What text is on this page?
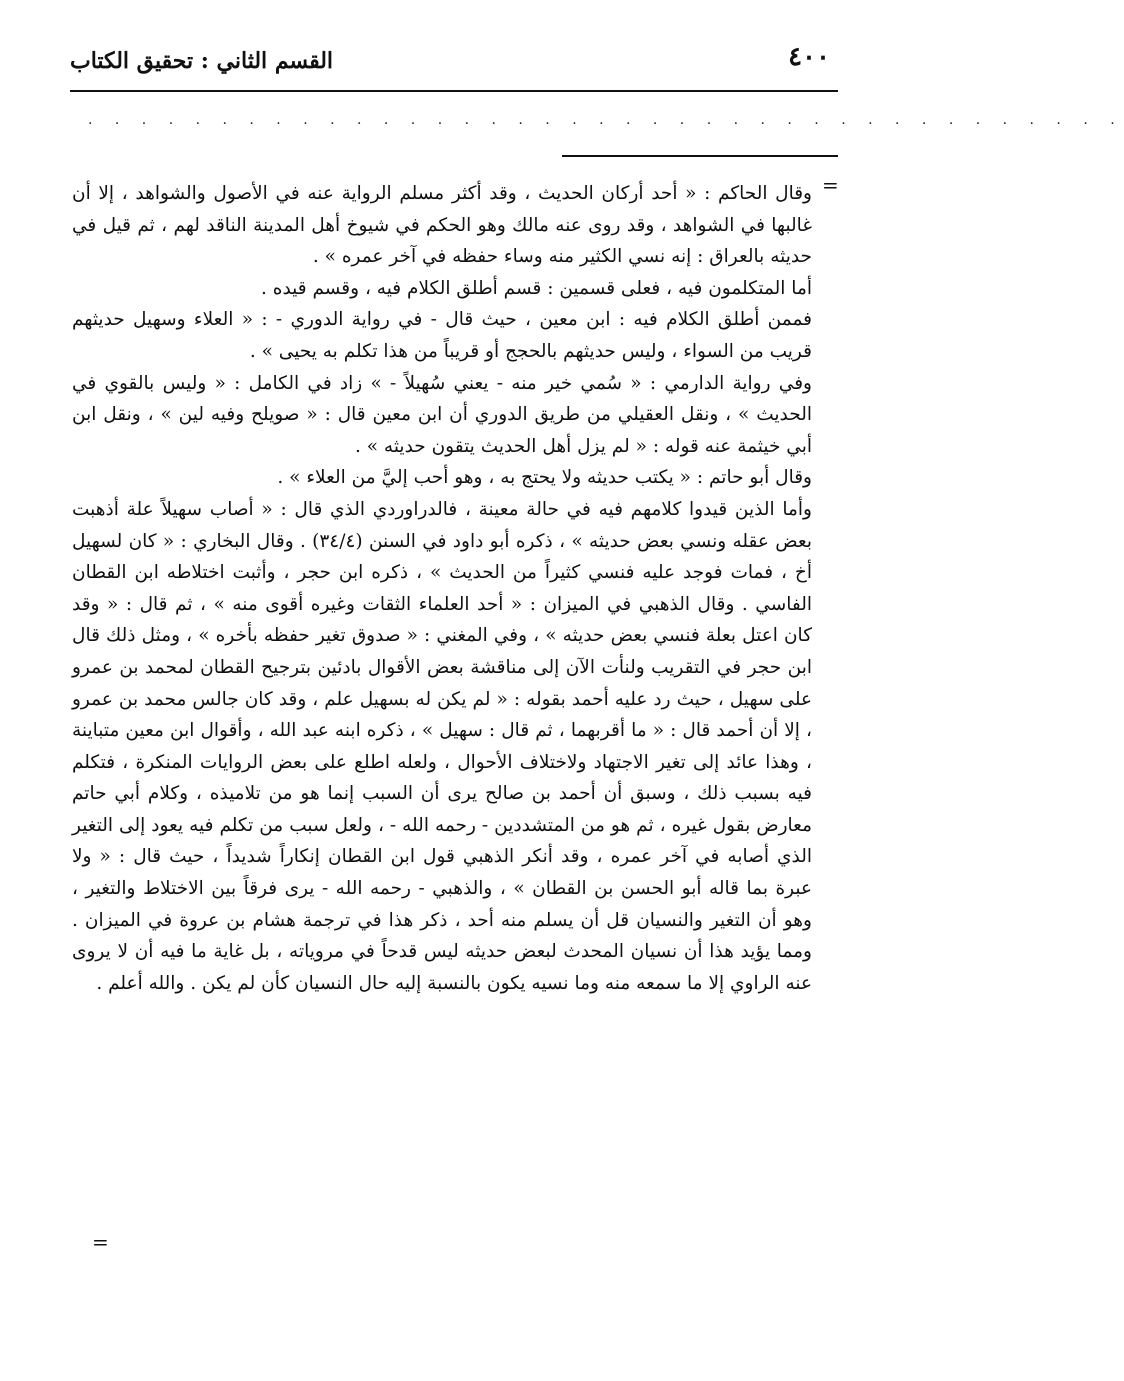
٤٠٠
القسم الثاني : تحقيق الكتاب
. . . . . . . . . . . . . . . . . . . . . . . . . . . . . . . . . . . . . . .
=

وقال الحاكم : « أحد أركان الحديث ، وقد أكثر مسلم الرواية عنه في الأصول والشواهد ، إلا أن غالبها في الشواهد ، وقد روى عنه مالك وهو الحكم في شيوخ أهل المدينة الناقد لهم ، ثم قيل في حديثه بالعراق : إنه نسي الكثير منه وساء حفظه في آخر عمره » .

أما المتكلمون فيه ، فعلى قسمين : قسم أطلق الكلام فيه ، وقسم قيده .

فممن أطلق الكلام فيه : ابن معين ، حيث قال - في رواية الدوري - : « العلاء وسهيل حديثهم قريب من السواء ، وليس حديثهم بالحجج أو قريباً من هذا تكلم به يحيى » .

وفي رواية الدارمي : « سُمي خير منه - يعني سُهيلاً - » زاد في الكامل : « وليس بالقوي في الحديث » ، ونقل العقيلي من طريق الدوري أن ابن معين قال : « صويلح وفيه لين » ، ونقل ابن أبي خيثمة عنه قوله : « لم يزل أهل الحديث يتقون حديثه » .

وقال أبو حاتم : « يكتب حديثه ولا يحتج به ، وهو أحب إليَّ من العلاء » .

وأما الذين قيدوا كلامهم فيه في حالة معينة ، فالدراوردي الذي قال : « أصاب سهيلاً علة أذهبت بعض عقله ونسي بعض حديثه » ، ذكره أبو داود في السنن (٣٤/٤) . وقال البخاري : « كان لسهيل أخ ، فمات فوجد عليه فنسي كثيراً من الحديث » ، ذكره ابن حجر ، وأثبت اختلاطه ابن القطان الفاسي . وقال الذهبي في الميزان : « أحد العلماء الثقات وغيره أقوى منه » ، ثم قال : « وقد كان اعتل بعلة فنسي بعض حديثه » ، وفي المغني : « صدوق تغير حفظه بأخره » ، ومثل ذلك قال ابن حجر في التقريب ولنأت الآن إلى مناقشة بعض الأقوال بادئين بترجيح القطان لمحمد بن عمرو على سهيل ، حيث رد عليه أحمد بقوله : « لم يكن له بسهيل علم ، وقد كان جالس محمد بن عمرو ، إلا أن أحمد قال : « ما أقربهما ، ثم قال : سهيل » ، ذكره ابنه عبد الله ، وأقوال ابن معين متباينة ، وهذا عائد إلى تغير الاجتهاد ولاختلاف الأحوال ، ولعله اطلع على بعض الروايات المنكرة ، فتكلم فيه بسبب ذلك ، وسبق أن أحمد بن صالح يرى أن السبب إنما هو من تلاميذه ، وكلام أبي حاتم معارض بقول غيره ، ثم هو من المتشددين - رحمه الله - ، ولعل سبب من تكلم فيه يعود إلى التغير الذي أصابه في آخر عمره ، وقد أنكر الذهبي قول ابن القطان إنكاراً شديداً ، حيث قال : « ولا عبرة بما قاله أبو الحسن بن القطان » ، والذهبي - رحمه الله - يرى فرقاً بين الاختلاط والتغير ، وهو أن التغير والنسيان قل أن يسلم منه أحد ، ذكر هذا في ترجمة هشام بن عروة في الميزان . ومما يؤيد هذا أن نسيان المحدث لبعض حديثه ليس قدحاً في مروياته ، بل غاية ما فيه أن لا يروى عنه الراوي إلا ما سمعه منه وما نسيه يكون بالنسبة إليه حال النسيان كأن لم يكن . والله أعلم .

=
